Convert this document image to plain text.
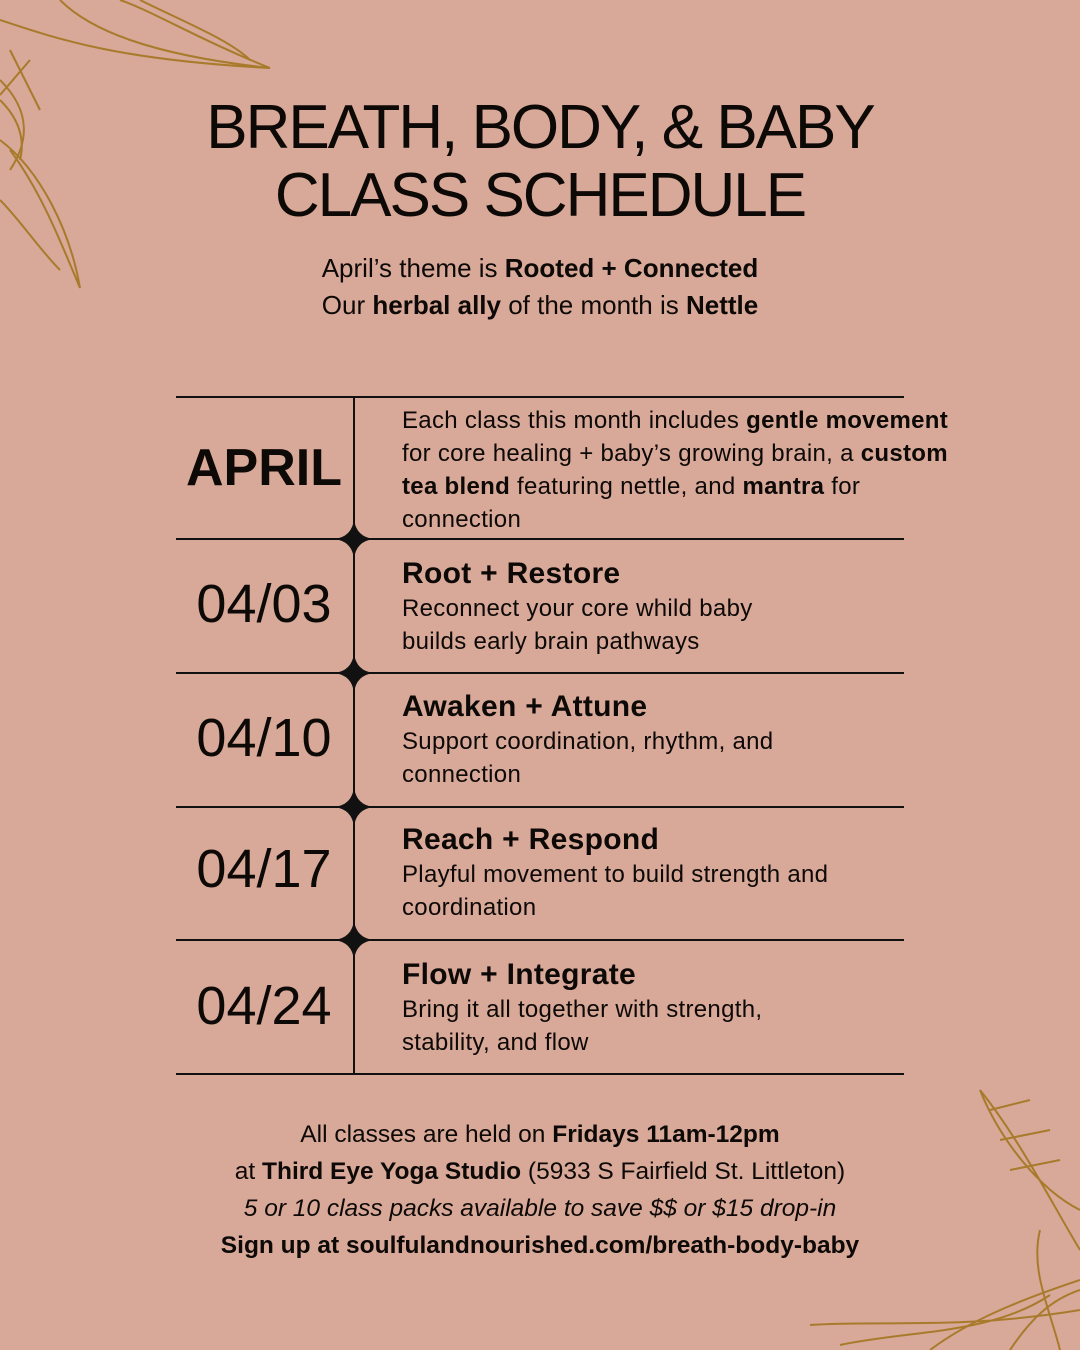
BREATH, BODY, & BABY
CLASS SCHEDULE
April’s theme is Rooted + Connected
Our herbal ally of the month is Nettle
APRIL
Each class this month includes gentle movement for core healing + baby’s growing brain, a custom tea blend featuring nettle, and mantra for connection
04/03
Root + Restore
Reconnect your core whild baby builds early brain pathways
04/10
Awaken + Attune
Support coordination, rhythm, and connection
04/17	Reach + Respond
Playful movement to build strength and coordination
04/24
Flow + Integrate
Bring it all together with strength, stability, and flow
All classes are held on Fridays 11am-12pm
at Third Eye Yoga Studio (5933 S Fairfield St. Littleton)
5 or 10 class packs available to save $$ or $15 drop-in
Sign up at soulfulandnourished.com/breath-body-baby
